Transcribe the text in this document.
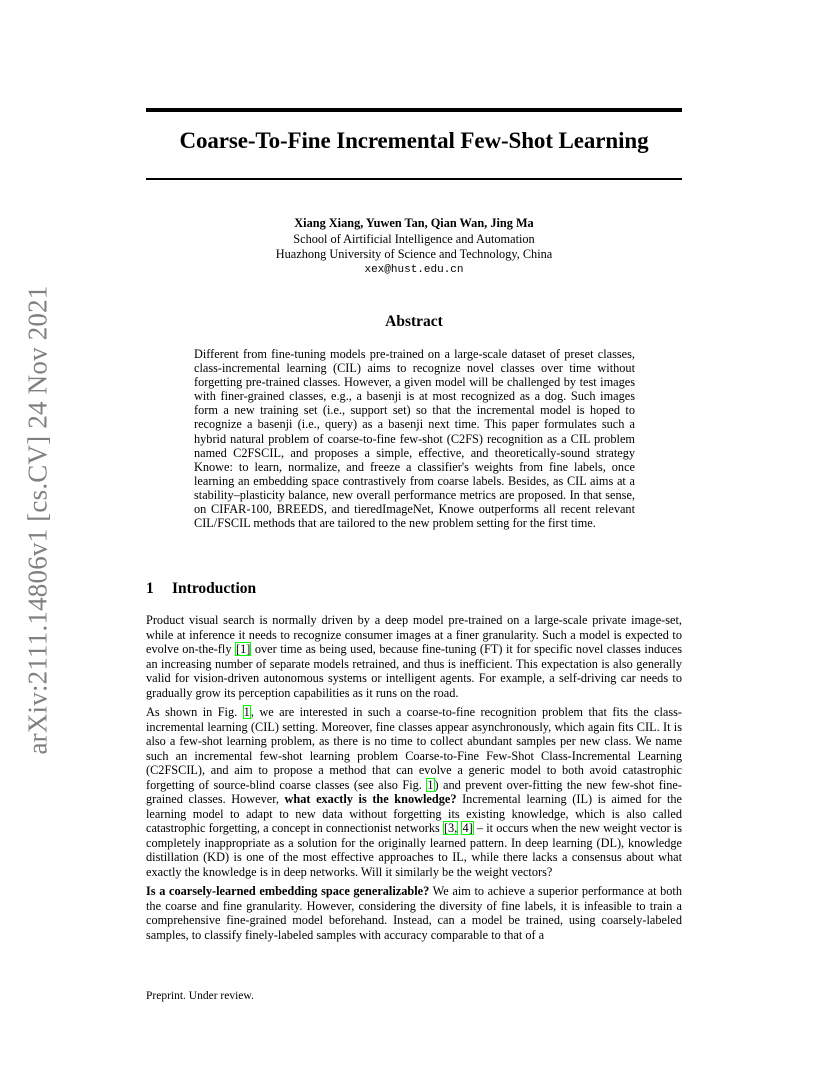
arXiv:2111.14806v1 [cs.CV] 24 Nov 2021
Coarse-To-Fine Incremental Few-Shot Learning
Xiang Xiang, Yuwen Tan, Qian Wan, Jing Ma
School of Airtificial Intelligence and Automation
Huazhong University of Science and Technology, China
xex@hust.edu.cn
Abstract
Different from fine-tuning models pre-trained on a large-scale dataset of preset classes, class-incremental learning (CIL) aims to recognize novel classes over time without forgetting pre-trained classes. However, a given model will be challenged by test images with finer-grained classes, e.g., a basenji is at most recognized as a dog. Such images form a new training set (i.e., support set) so that the incremental model is hoped to recognize a basenji (i.e., query) as a basenji next time. This paper formulates such a hybrid natural problem of coarse-to-fine few-shot (C2FS) recognition as a CIL problem named C2FSCIL, and proposes a simple, effective, and theoretically-sound strategy Knowe: to learn, normalize, and freeze a classifier's weights from fine labels, once learning an embedding space contrastively from coarse labels. Besides, as CIL aims at a stability–plasticity balance, new overall performance metrics are proposed. In that sense, on CIFAR-100, BREEDS, and tieredImageNet, Knowe outperforms all recent relevant CIL/FSCIL methods that are tailored to the new problem setting for the first time.
1 Introduction

Product visual search is normally driven by a deep model pre-trained on a large-scale private image-set, while at inference it needs to recognize consumer images at a finer granularity. Such a model is expected to evolve on-the-fly [1] over time as being used, because fine-tuning (FT) it for specific novel classes induces an increasing number of separate models retrained, and thus is inefficient. This expectation is also generally valid for vision-driven autonomous systems or intelligent agents. For example, a self-driving car needs to gradually grow its perception capabilities as it runs on the road.

As shown in Fig. 1, we are interested in such a coarse-to-fine recognition problem that fits the class-incremental learning (CIL) setting. Moreover, fine classes appear asynchronously, which again fits CIL. It is also a few-shot learning problem, as there is no time to collect abundant samples per new class. We name such an incremental few-shot learning problem Coarse-to-Fine Few-Shot Class-Incremental Learning (C2FSCIL), and aim to propose a method that can evolve a generic model to both avoid catastrophic forgetting of source-blind coarse classes (see also Fig. 1) and prevent over-fitting the new few-shot fine-grained classes. However, what exactly is the knowledge? Incremental learning (IL) is aimed for the learning model to adapt to new data without forgetting its existing knowledge, which is also called catastrophic forgetting, a concept in connectionist networks [3, 4] – it occurs when the new weight vector is completely inappropriate as a solution for the originally learned pattern. In deep learning (DL), knowledge distillation (KD) is one of the most effective approaches to IL, while there lacks a consensus about what exactly the knowledge is in deep networks. Will it similarly be the weight vectors?

Is a coarsely-learned embedding space generalizable? We aim to achieve a superior performance at both the coarse and fine granularity. However, considering the diversity of fine labels, it is infeasible to train a comprehensive fine-grained model beforehand. Instead, can a model be trained, using coarsely-labeled samples, to classify finely-labeled samples with accuracy comparable to that of a

Preprint. Under review.
